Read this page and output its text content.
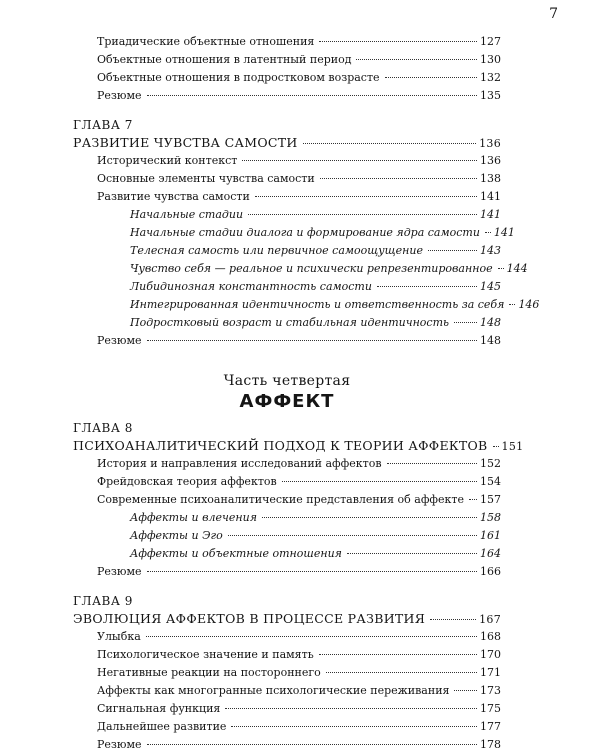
7
Триадические объектные отношения	127
Объектные отношения в латентный период	130
Объектные отношения в подростковом возрасте	132
Резюме	135
ГЛАВА 7
РАЗВИТИЕ ЧУВСТВА САМОСТИ	136
Исторический контекст	136
Основные элементы чувства самости	138
Развитие чувства самости	141
Начальные стадии	141
Начальные стадии диалога и формирование ядра самости 141
Телесная самость или первичное самоощущение	143
Чувство себя — реальное и психически репрезентированное 144
Либидинозная константность самости	145
Интегрированная идентичность и ответственность за себя 146
Подростковый возраст и стабильная идентичность	148
Резюме	148
Часть четвертая
АФФЕКТ
ГЛАВА 8
ПСИХОАНАЛИТИЧЕСКИЙ ПОДХОД К ТЕОРИИ АФФЕКТОВ 151
История и направления исследований аффектов	152
Фрейдовская теория аффектов	154
Современные психоаналитические представления об аффекте 157
Аффекты и влечения	158
Аффекты и Эго	161
Аффекты и объектные отношения	164
Резюме	166
ГЛАВА 9
ЭВОЛЮЦИЯ АФФЕКТОВ В ПРОЦЕССЕ РАЗВИТИЯ	167
Улыбка	168
Психологическое значение и память	170
Негативные реакции на постороннего	171
Аффекты как многогранные психологические переживания	173
Сигнальная функция	175
Дальнейшее развитие	177
Резюме	178
